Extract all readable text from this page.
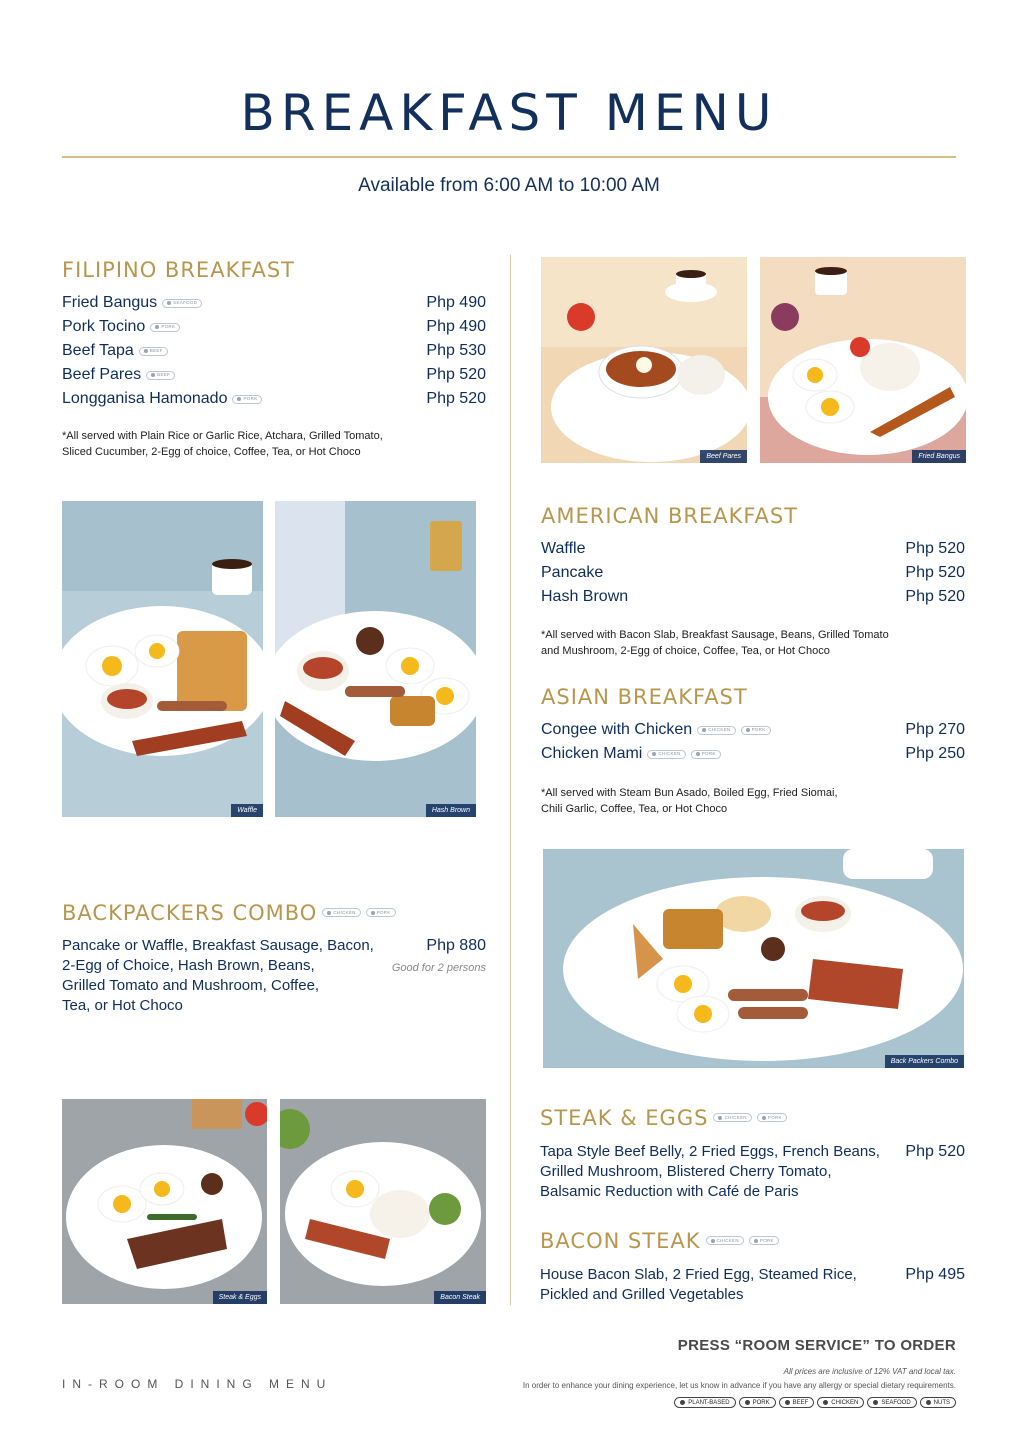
BREAKFAST MENU
Available from 6:00 AM to 10:00 AM
FILIPINO BREAKFAST
Fried Bangus	SEAFOOD	Php 490
Pork Tocino	PORK	Php 490
Beef Tapa	BEEF	Php 530
Beef Pares	BEEF	Php 520
Longganisa Hamonado	PORK	Php 520
*All served with Plain Rice or Garlic Rice, Atchara, Grilled Tomato,
Sliced Cucumber, 2-Egg of choice, Coffee, Tea, or Hot Choco	Beef Pares	Fried Bangus
Waffle	Hash Brown
AMERICAN BREAKFAST
Waffle	Php 520
Pancake	Php 520
Hash Brown	Php 520
*All served with Bacon Slab, Breakfast Sausage, Beans, Grilled Tomato
and Mushroom, 2-Egg of choice, Coffee, Tea, or Hot Choco
ASIAN BREAKFAST
Congee with Chicken	CHICKEN	PORK	Php 270
Chicken Mami	CHICKEN	PORK	Php 250
*All served with Steam Bun Asado, Boiled Egg, Fried Siomai,
Chili Garlic, Coffee, Tea, or Hot Choco
Back Packers Combo
BACKPACKERS COMBO	CHICKEN	PORK
Pancake or Waffle, Breakfast Sausage, Bacon,
2-Egg of Choice, Hash Brown, Beans,
Grilled Tomato and Mushroom, Coffee,
Tea, or Hot Choco
Php 880
Good for 2 persons
Steak & Eggs	Bacon Steak
STEAK & EGGS	CHICKEN	PORK
Tapa Style Beef Belly, 2 Fried Eggs, French Beans,
Grilled Mushroom, Blistered Cherry Tomato,
Balsamic Reduction with Café de Paris
Php 520
BACON STEAK	CHICKEN	PORK
House Bacon Slab, 2 Fried Egg, Steamed Rice,
Pickled and Grilled Vegetables
Php 495
PRESS “ROOM SERVICE” TO ORDER
All prices are inclusive of 12% VAT and local tax.
In order to enhance your dining experience, let us know in advance if you have any allergy or special dietary requirements.
IN-ROOM DINING MENU
PLANT-BASED	PORK	BEEF	CHICKEN	SEAFOOD	NUTS
